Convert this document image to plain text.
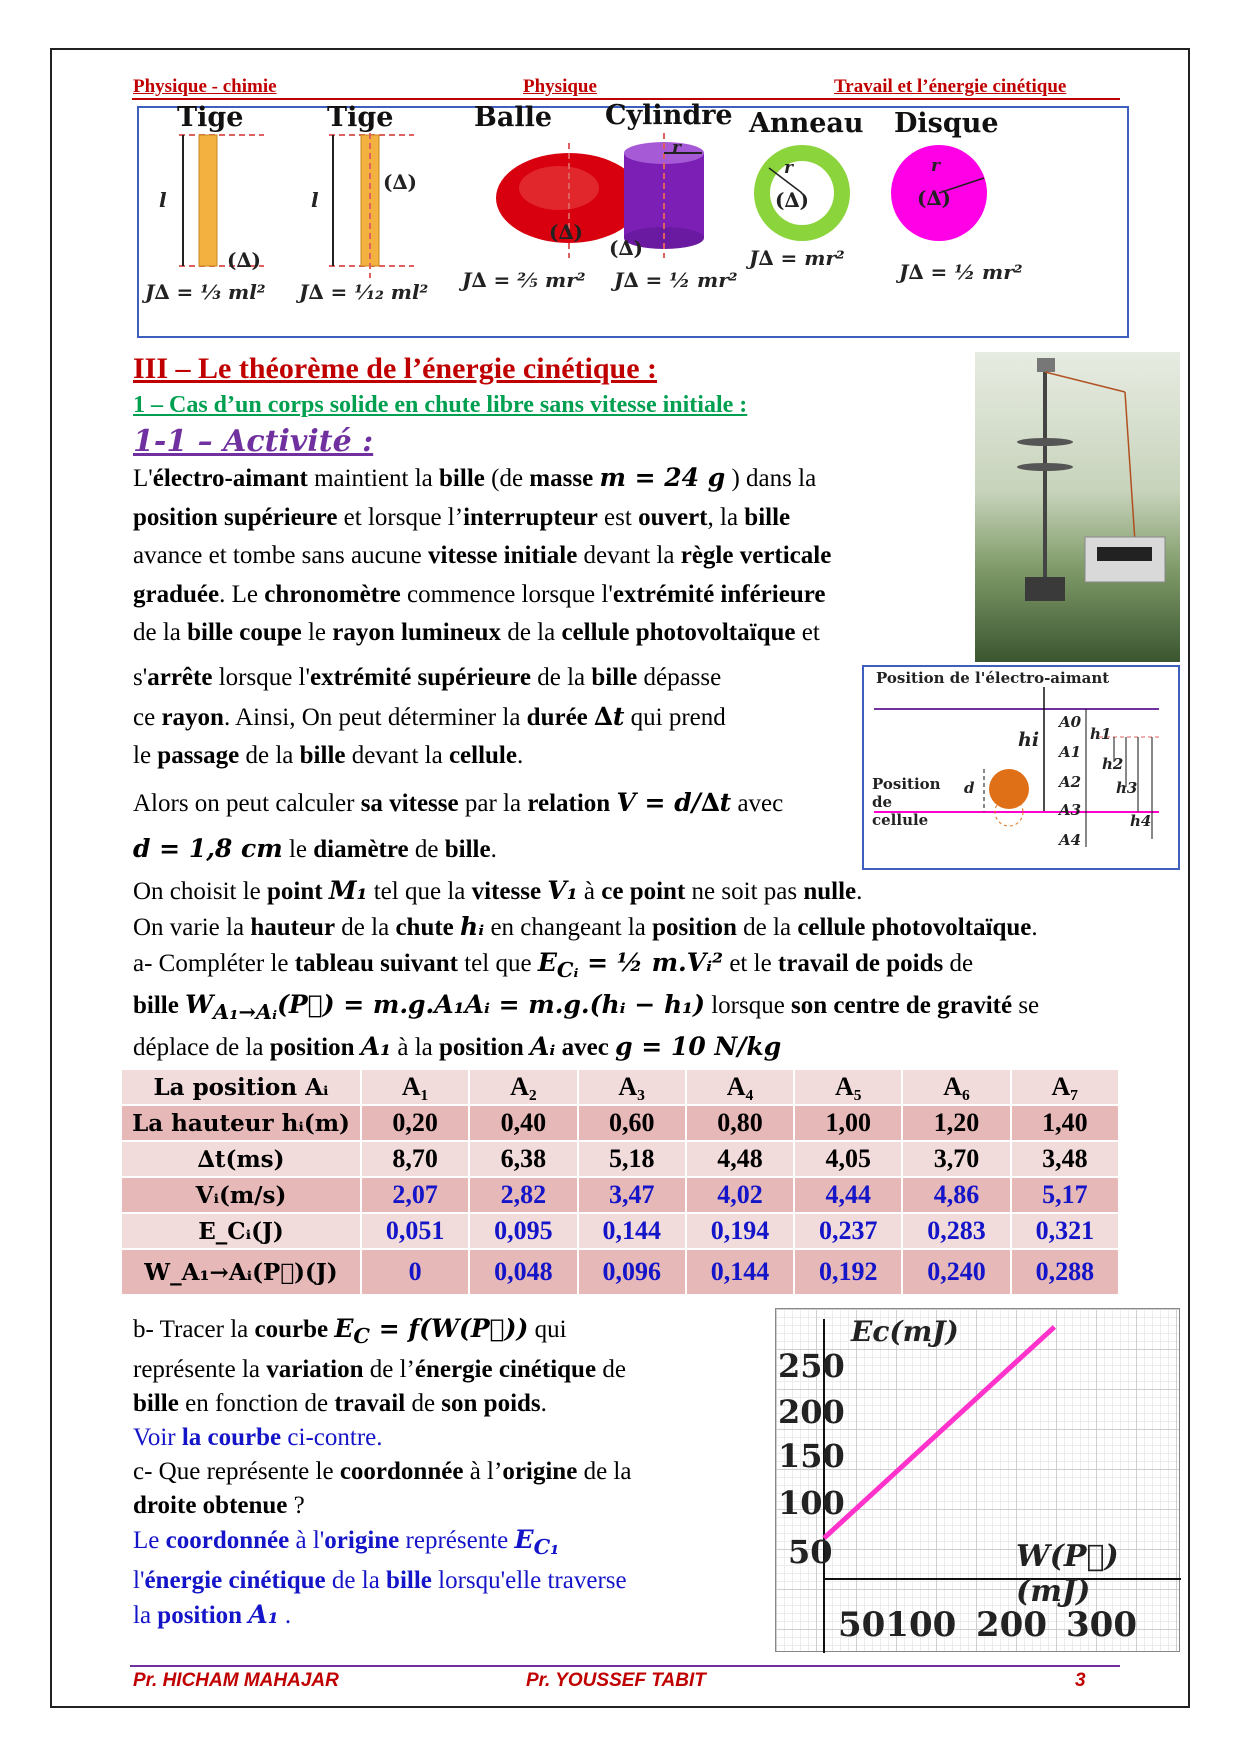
Physique - chimie	Physique	Travail et l’énergie cinétique
Tige	Tige	Balle Cylindre Anneau Disque
l
(∆)
l
(∆)
(∆)
r
(∆)
r
(∆)
r
(∆)
J∆ = ¹⁄₃ ml² J∆ = ¹⁄₁₂ ml² J∆ = ²⁄₅ mr² J∆ = ½ mr²
J∆ = mr²
J∆ = ½ mr²
III – Le théorème de l’énergie cinétique :
1 – Cas d’un corps solide en chute libre sans vitesse initiale :
1-1 – Activité :
L'électro-aimant maintient la bille (de masse m = 24 g ) dans la
position supérieure et lorsque l’interrupteur est ouvert, la bille
avance et tombe sans aucune vitesse initiale devant la règle verticale
graduée. Le chronomètre commence lorsque l'extrémité inférieure
de la bille coupe le rayon lumineux de la cellule photovoltaïque et
s'arrête lorsque l'extrémité supérieure de la bille dépasse
ce rayon. Ainsi, On peut déterminer la durée ∆t qui prend
le passage de la bille devant la cellule.
Alors on peut calculer sa vitesse par la relation V = d/∆t avec
d = 1,8 cm le diamètre de bille.
Position de l'électro-aimant
Position de cellule
hi
d
A0
A1
A2
A3
A4
h1
h2
h3
h4
On choisit le point M₁ tel que la vitesse V₁ à ce point ne soit pas nulle.
On varie la hauteur de la chute hᵢ en changeant la position de la cellule photovoltaïque.
a- Compléter le tableau suivant tel que $E_{Cᵢ}$ = ½ m.Vᵢ² et le travail de poids de
bille $W_{A_1\to Aᵢ}(P⃗)$ = m.g.A₁Aᵢ = m.g.(hᵢ − h₁) lorsque son centre de gravité se
déplace de la position A₁ à la position Aᵢ avec g = 10 N/kg
La position Aᵢ	A₁	A₂	A₃	A₄	A₅	A₆	A₇
La hauteur hᵢ(m)	0,20	0,40	0,60	0,80	1,00	1,20	1,40
∆t(ms)	8,70	6,38	5,18	4,48	4,05	3,70	3,48
Vᵢ(m/s)	2,07	2,82	3,47	4,02	4,44	4,86	5,17
E_Cᵢ(J)	0,051	0,095	0,144	0,194	0,237	0,283	0,321
W_A₁→Aᵢ(P⃗)(J)	0	0,048	0,096	0,144	0,192	0,240	0,288
b- Tracer la courbe $E_C$ = f(W(P⃗)) qui
représente la variation de l’énergie cinétique de
bille en fonction de travail de son poids.
Voir la courbe ci-contre.
c- Que représente le coordonnée à l’origine de la
droite obtenue ?
Le coordonnée à l'origine représente $E_{C_1}$
l'énergie cinétique de la bille lorsqu'elle traverse
la position A₁ .
Ec(mJ)
250
200
150
100
50	W(P⃗)(mJ)
50100 200 300
Pr. HICHAM MAHAJAR	Pr. YOUSSEF TABIT	3
